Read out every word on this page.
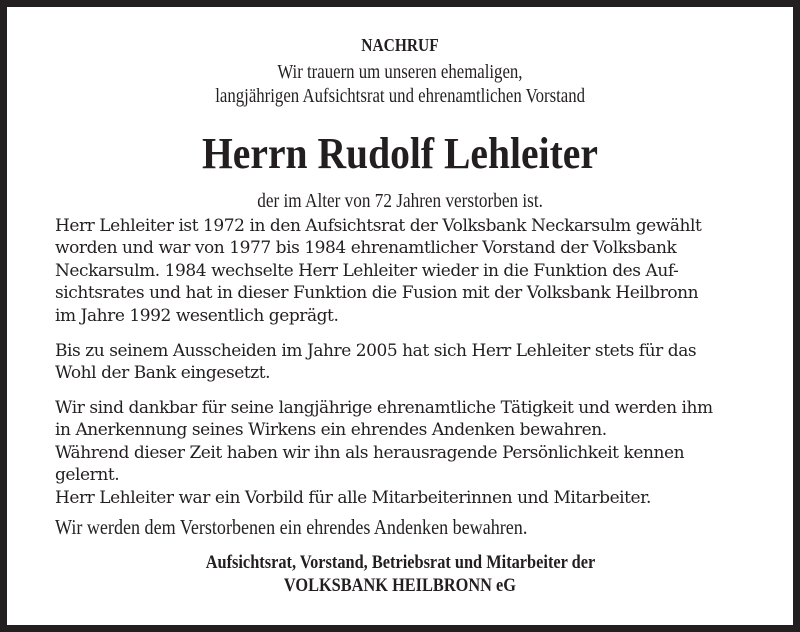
NACHRUF
Wir trauern um unseren ehemaligen,
langjährigen Aufsichtsrat und ehrenamtlichen Vorstand
Herrn Rudolf Lehleiter
der im Alter von 72 Jahren verstorben ist.
Herr Lehleiter ist 1972 in den Aufsichtsrat der Volksbank Neckarsulm gewählt
worden und war von 1977 bis 1984 ehrenamtlicher Vorstand der Volksbank
Neckarsulm. 1984 wechselte Herr Lehleiter wieder in die Funktion des Auf-
sichtsrates und hat in dieser Funktion die Fusion mit der Volksbank Heilbronn
im Jahre 1992 wesentlich geprägt.
Bis zu seinem Ausscheiden im Jahre 2005 hat sich Herr Lehleiter stets für das
Wohl der Bank eingesetzt.
Wir sind dankbar für seine langjährige ehrenamtliche Tätigkeit und werden ihm
in Anerkennung seines Wirkens ein ehrendes Andenken bewahren.
Während dieser Zeit haben wir ihn als herausragende Persönlichkeit kennen
gelernt.
Herr Lehleiter war ein Vorbild für alle Mitarbeiterinnen und Mitarbeiter.
Wir werden dem Verstorbenen ein ehrendes Andenken bewahren.
Aufsichtsrat, Vorstand, Betriebsrat und Mitarbeiter der
VOLKSBANK HEILBRONN eG
